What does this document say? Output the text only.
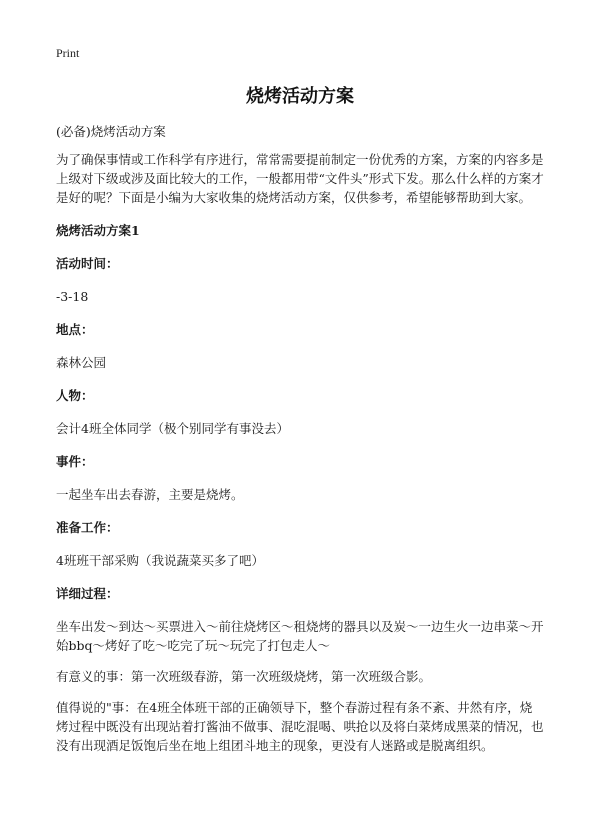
Print
烧烤活动方案

(必备)烧烤活动方案

为了确保事情或工作科学有序进行，常常需要提前制定一份优秀的方案，方案的内容多是上级对下级或涉及面比较大的工作，一般都用带“文件头”形式下发。那么什么样的方案才是好的呢？下面是小编为大家收集的烧烤活动方案，仅供参考，希望能够帮助到大家。

烧烤活动方案1

活动时间：

-3-18

地点：

森林公园

人物：

会计4班全体同学（极个别同学有事没去）

事件：

一起坐车出去春游，主要是烧烤。

准备工作：

4班班干部采购（我说蔬菜买多了吧）

详细过程：

坐车出发～到达～买票进入～前往烧烤区～租烧烤的器具以及炭～一边生火一边串菜～开始bbq～烤好了吃～吃完了玩～玩完了打包走人～

有意义的事：第一次班级春游，第一次班级烧烤，第一次班级合影。

值得说的"事：在4班全体班干部的正确领导下，整个春游过程有条不紊、井然有序，烧烤过程中既没有出现站着打酱油不做事、混吃混喝、哄抢以及将白菜烤成黑菜的情况，也没有出现酒足饭饱后坐在地上组团斗地主的现象，更没有人迷路或是脱离组织。
